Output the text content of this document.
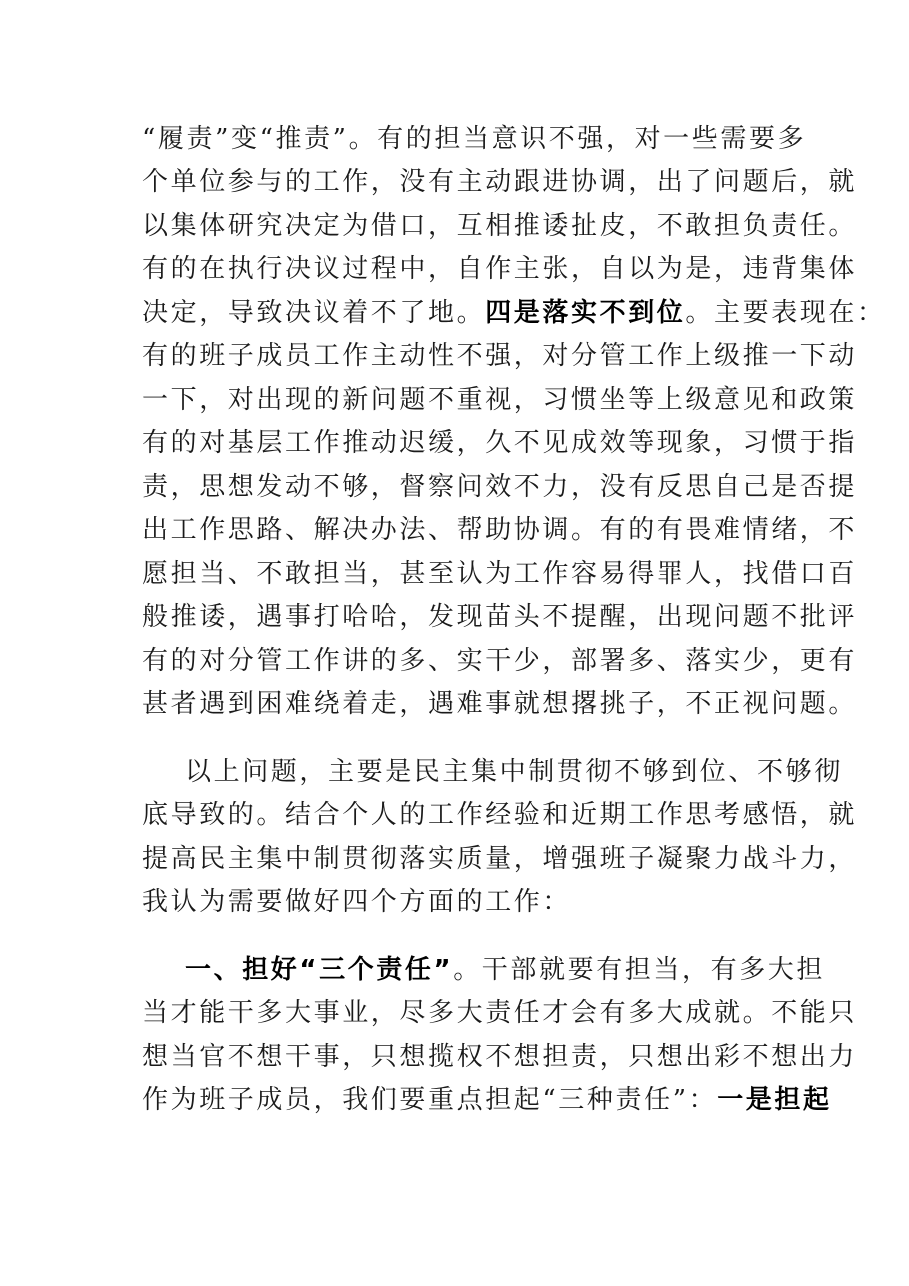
“履责”变“推责”。有的担当意识不强，对一些需要多
个单位参与的工作，没有主动跟进协调，出了问题后，就
以集体研究决定为借口，互相推诿扯皮，不敢担负责任。
有的在执行决议过程中，自作主张，自以为是，违背集体
决定，导致决议着不了地。四是落实不到位。主要表现在：
有的班子成员工作主动性不强，对分管工作上级推一下动
一下，对出现的新问题不重视，习惯坐等上级意见和政策
有的对基层工作推动迟缓，久不见成效等现象，习惯于指
责，思想发动不够，督察问效不力，没有反思自己是否提
出工作思路、解决办法、帮助协调。有的有畏难情绪，不
愿担当、不敢担当，甚至认为工作容易得罪人，找借口百
般推诿，遇事打哈哈，发现苗头不提醒，出现问题不批评
有的对分管工作讲的多、实干少，部署多、落实少，更有
甚者遇到困难绕着走，遇难事就想撂挑子，不正视问题。
以上问题，主要是民主集中制贯彻不够到位、不够彻
底导致的。结合个人的工作经验和近期工作思考感悟，就
提高民主集中制贯彻落实质量，增强班子凝聚力战斗力，
我认为需要做好四个方面的工作：
一、担好“三个责任”。干部就要有担当，有多大担
当才能干多大事业，尽多大责任才会有多大成就。不能只
想当官不想干事，只想揽权不想担责，只想出彩不想出力
作为班子成员，我们要重点担起“三种责任”：一是担起
